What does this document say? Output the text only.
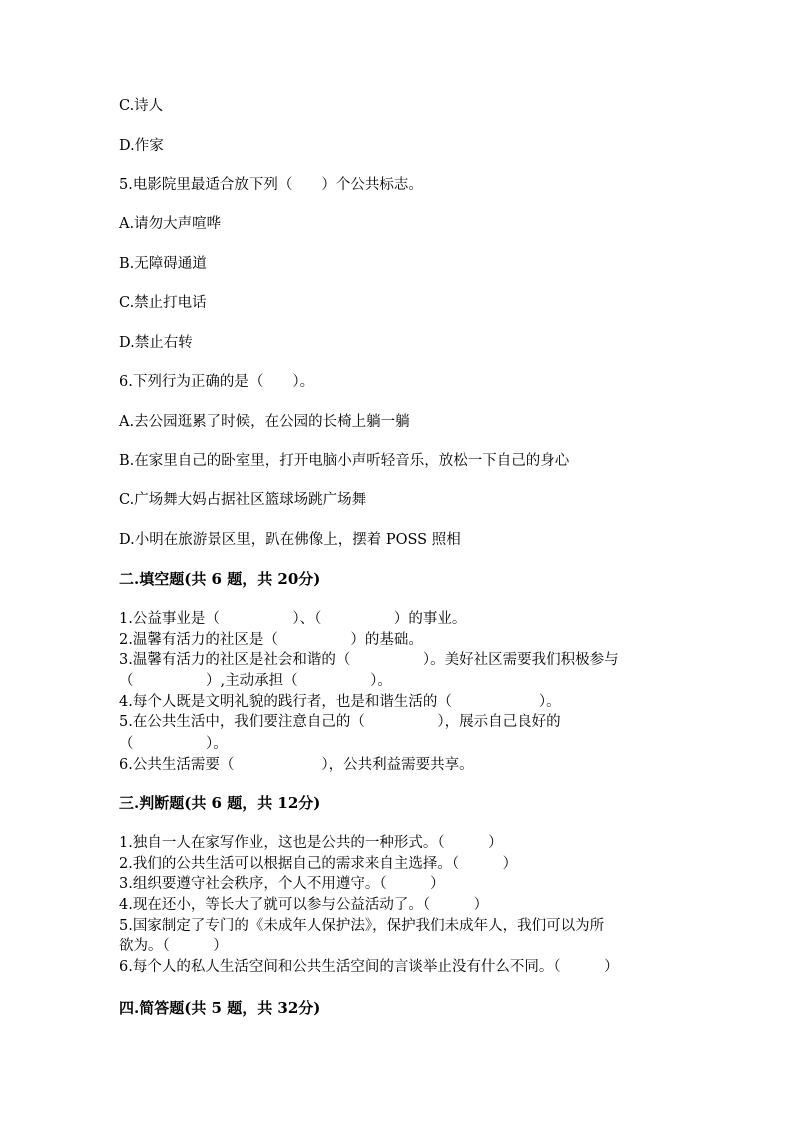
C.诗人
D.作家
5.电影院里最适合放下列（　　）个公共标志。
A.请勿大声喧哗
B.无障碍通道
C.禁止打电话
D.禁止右转
6.下列行为正确的是（　　）。
A.去公园逛累了时候，在公园的长椅上躺一躺
B.在家里自己的卧室里，打开电脑小声听轻音乐，放松一下自己的身心
C.广场舞大妈占据社区篮球场跳广场舞
D.小明在旅游景区里，趴在佛像上，摆着 POSS 照相
二.填空题(共 6 题，共 20分)
1.公益事业是（　　　　　）、（　　　　　）的事业。
2.温馨有活力的社区是（　　　　　）的基础。
3.温馨有活力的社区是社会和谐的（　　　　　）。美好社区需要我们积极参与
（　　　　　）,主动承担（　　　　　）。
4.每个人既是文明礼貌的践行者，也是和谐生活的（　　　　　　）。
5.在公共生活中，我们要注意自己的（　　　　　），展示自己良好的
（　　　　　）。
6.公共生活需要（　　　　　　），公共利益需要共享。
三.判断题(共 6 题，共 12分)
1.独自一人在家写作业，这也是公共的一种形式。（　　　）
2.我们的公共生活可以根据自己的需求来自主选择。（　　　）
3.组织要遵守社会秩序，个人不用遵守。（　　　）
4.现在还小，等长大了就可以参与公益活动了。（　　　）
5.国家制定了专门的《未成年人保护法》，保护我们未成年人，我们可以为所
欲为。（　　　）
6.每个人的私人生活空间和公共生活空间的言谈举止没有什么不同。（　　　）
四.简答题(共 5 题，共 32分)
